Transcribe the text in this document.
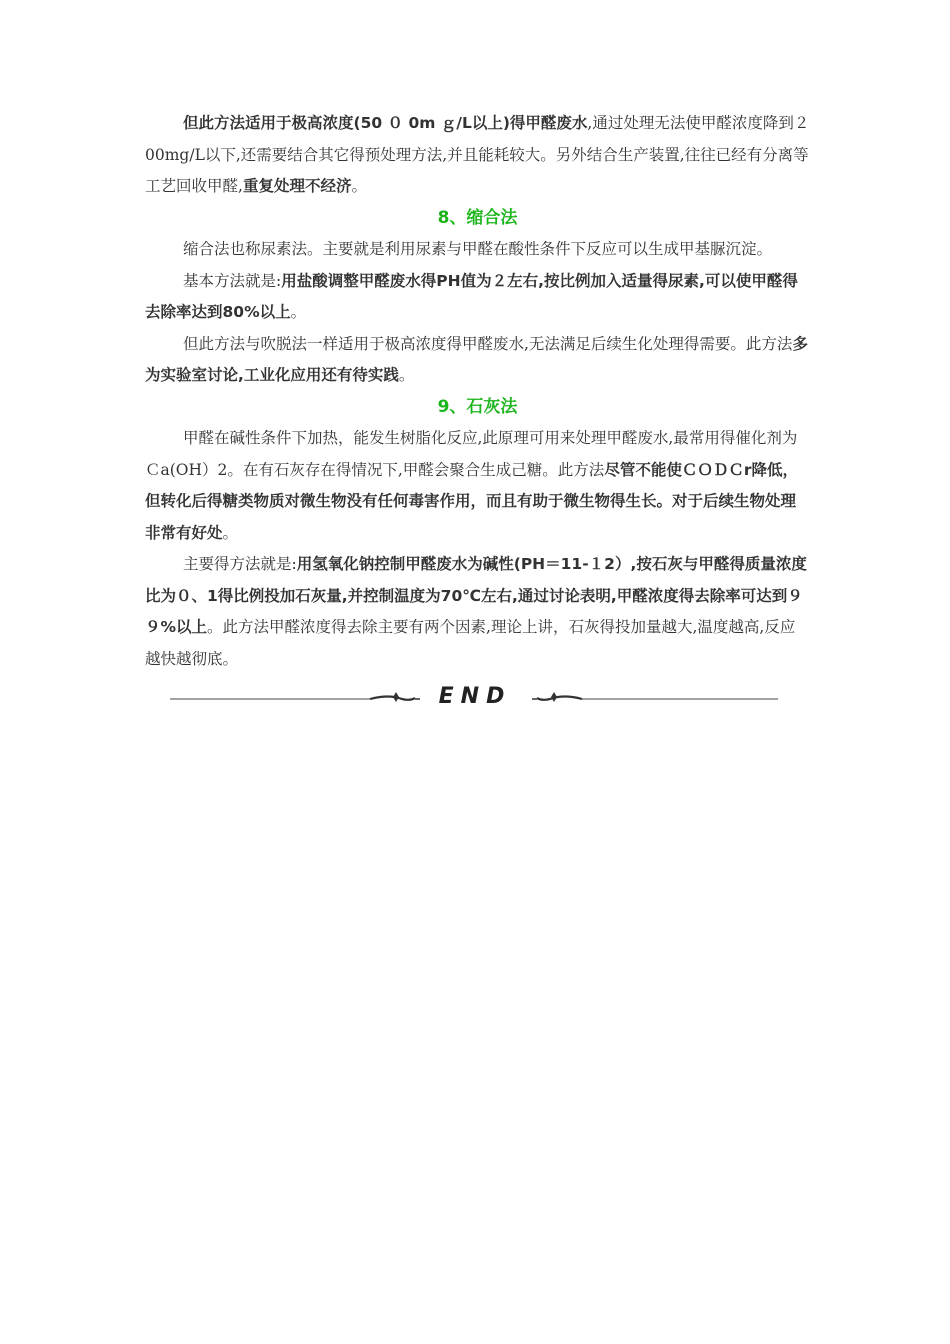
但此方法适用于极高浓度(50 ０ 0m ｇ/L以上)得甲醛废水,通过处理无法使甲醛浓度降到２00mg/L以下,还需要结合其它得预处理方法,并且能耗较大。另外结合生产装置,往往已经有分离等工艺回收甲醛,重复处理不经济。

8、缩合法

缩合法也称尿素法。主要就是利用尿素与甲醛在酸性条件下反应可以生成甲基脲沉淀。

基本方法就是:用盐酸调整甲醛废水得PH值为２左右,按比例加入适量得尿素,可以使甲醛得去除率达到80%以上。

但此方法与吹脱法一样适用于极高浓度得甲醛废水,无法满足后续生化处理得需要。此方法多为实验室讨论,工业化应用还有待实践。

9、石灰法

甲醛在碱性条件下加热，能发生树脂化反应,此原理可用来处理甲醛废水,最常用得催化剂为Ｃa(OH）2。在有石灰存在得情况下,甲醛会聚合生成己糖。此方法尽管不能使ＣＯＤＣr降低，但转化后得糖类物质对微生物没有任何毒害作用，而且有助于微生物得生长。对于后续生物处理非常有好处。

主要得方法就是:用氢氧化钠控制甲醛废水为碱性(PH＝11-１2）,按石灰与甲醛得质量浓度比为０、1得比例投加石灰量,并控制温度为70℃左右,通过讨论表明,甲醛浓度得去除率可达到９９%以上。此方法甲醛浓度得去除主要有两个因素,理论上讲，石灰得投加量越大,温度越高,反应越快越彻底。

END
